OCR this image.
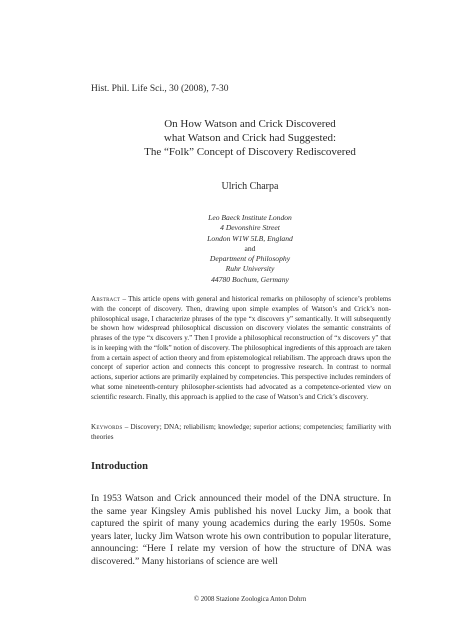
Hist. Phil. Life Sci., 30 (2008), 7-30
On How Watson and Crick Discovered
what Watson and Crick had Suggested:
The “Folk” Concept of Discovery Rediscovered
Ulrich Charpa
Leo Baeck Institute London
4 Devonshire Street
London W1W 5LB, England
and
Department of Philosophy
Ruhr University
44780 Bochum, Germany
Abstract – This article opens with general and historical remarks on philosophy of science’s problems with the concept of discovery. Then, drawing upon simple examples of Watson’s and Crick’s non-philosophical usage, I characterize phrases of the type “x discovers y” semantically. It will subsequently be shown how widespread philosophical discussion on discovery violates the semantic constraints of phrases of the type “x discovers y.” Then I provide a philosophical reconstruction of “x discovers y” that is in keeping with the “folk” notion of discovery. The philosophical ingredients of this approach are taken from a certain aspect of action theory and from epistemological reliabilism. The approach draws upon the concept of superior action and connects this concept to progressive research. In contrast to normal actions, superior actions are primarily explained by competencies. This perspective includes reminders of what some nineteenth-century philosopher-scientists had advocated as a competence-oriented view on scientific research. Finally, this approach is applied to the case of Watson’s and Crick’s discovery.
Keywords – Discovery; DNA; reliabilism; knowledge; superior actions; competencies; familiarity with theories
Introduction
In 1953 Watson and Crick announced their model of the DNA structure. In the same year Kingsley Amis published his novel Lucky Jim, a book that captured the spirit of many young academics during the early 1950s. Some years later, lucky Jim Watson wrote his own contribution to popular literature, announcing: “Here I relate my version of how the structure of DNA was discovered.” Many historians of science are well
© 2008 Stazione Zoologica Anton Dohrn
